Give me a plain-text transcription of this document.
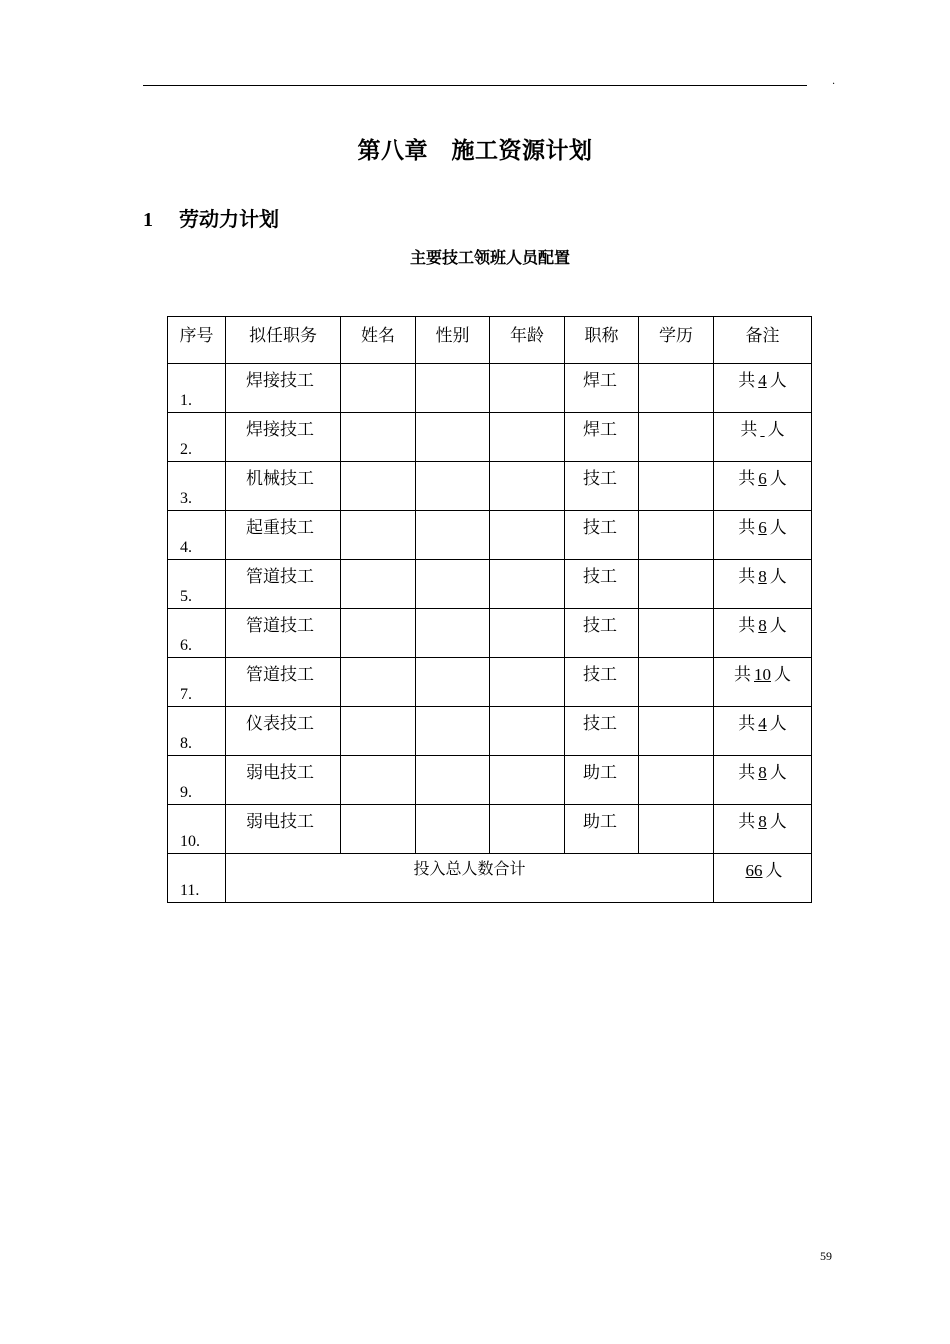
.
第八章　施工资源计划
1 劳动力计划
主要技工领班人员配置
序号	拟任职务	姓名	性别	年龄	职称	学历	备注

1.	焊接技工				焊工		共 4 人

2.	焊接技工				焊工		共 人

3.	机械技工				技工		共 6 人

4.	起重技工				技工		共 6 人

5.	管道技工				技工		共 8 人

6.	管道技工				技工		共 8 人

7.	管道技工				技工		共 10 人

8.	仪表技工				技工		共 4 人

9.	弱电技工				助工		共 8 人

10.	弱电技工				助工		共 8 人

11.	投入总人数合计						66 人
59
